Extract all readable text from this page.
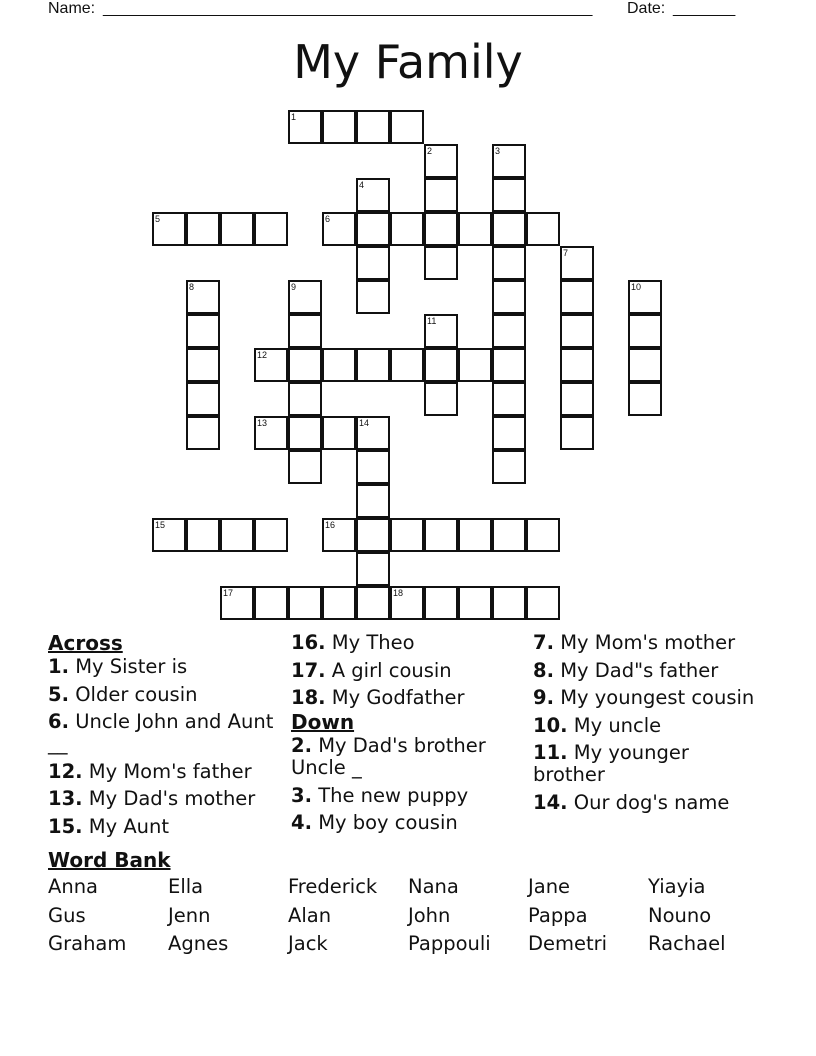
Name: _______________________________________________________ Date: _______
My Family
1
2	3
4
5	6
7
8	9	10
11
12
13	14
15	16
17	18
Across
1. My Sister is
5. Older cousin
6. Uncle John and Aunt __
12. My Mom's father
13. My Dad's mother
15. My Aunt
16. My Theo
17. A girl cousin
18. My Godfather
Down
2. My Dad's brother Uncle _
3. The new puppy
4. My boy cousin
7. My Mom's mother
8. My Dad"s father
9. My youngest cousin
10. My uncle
11. My younger brother
14. Our dog's name
Word Bank
Anna	Ella	Frederick	Nana	Jane	Yiayia
Gus	Jenn	Alan	John	Pappa	Nouno
Graham	Agnes	Jack	Pappouli	Demetri	Rachael
